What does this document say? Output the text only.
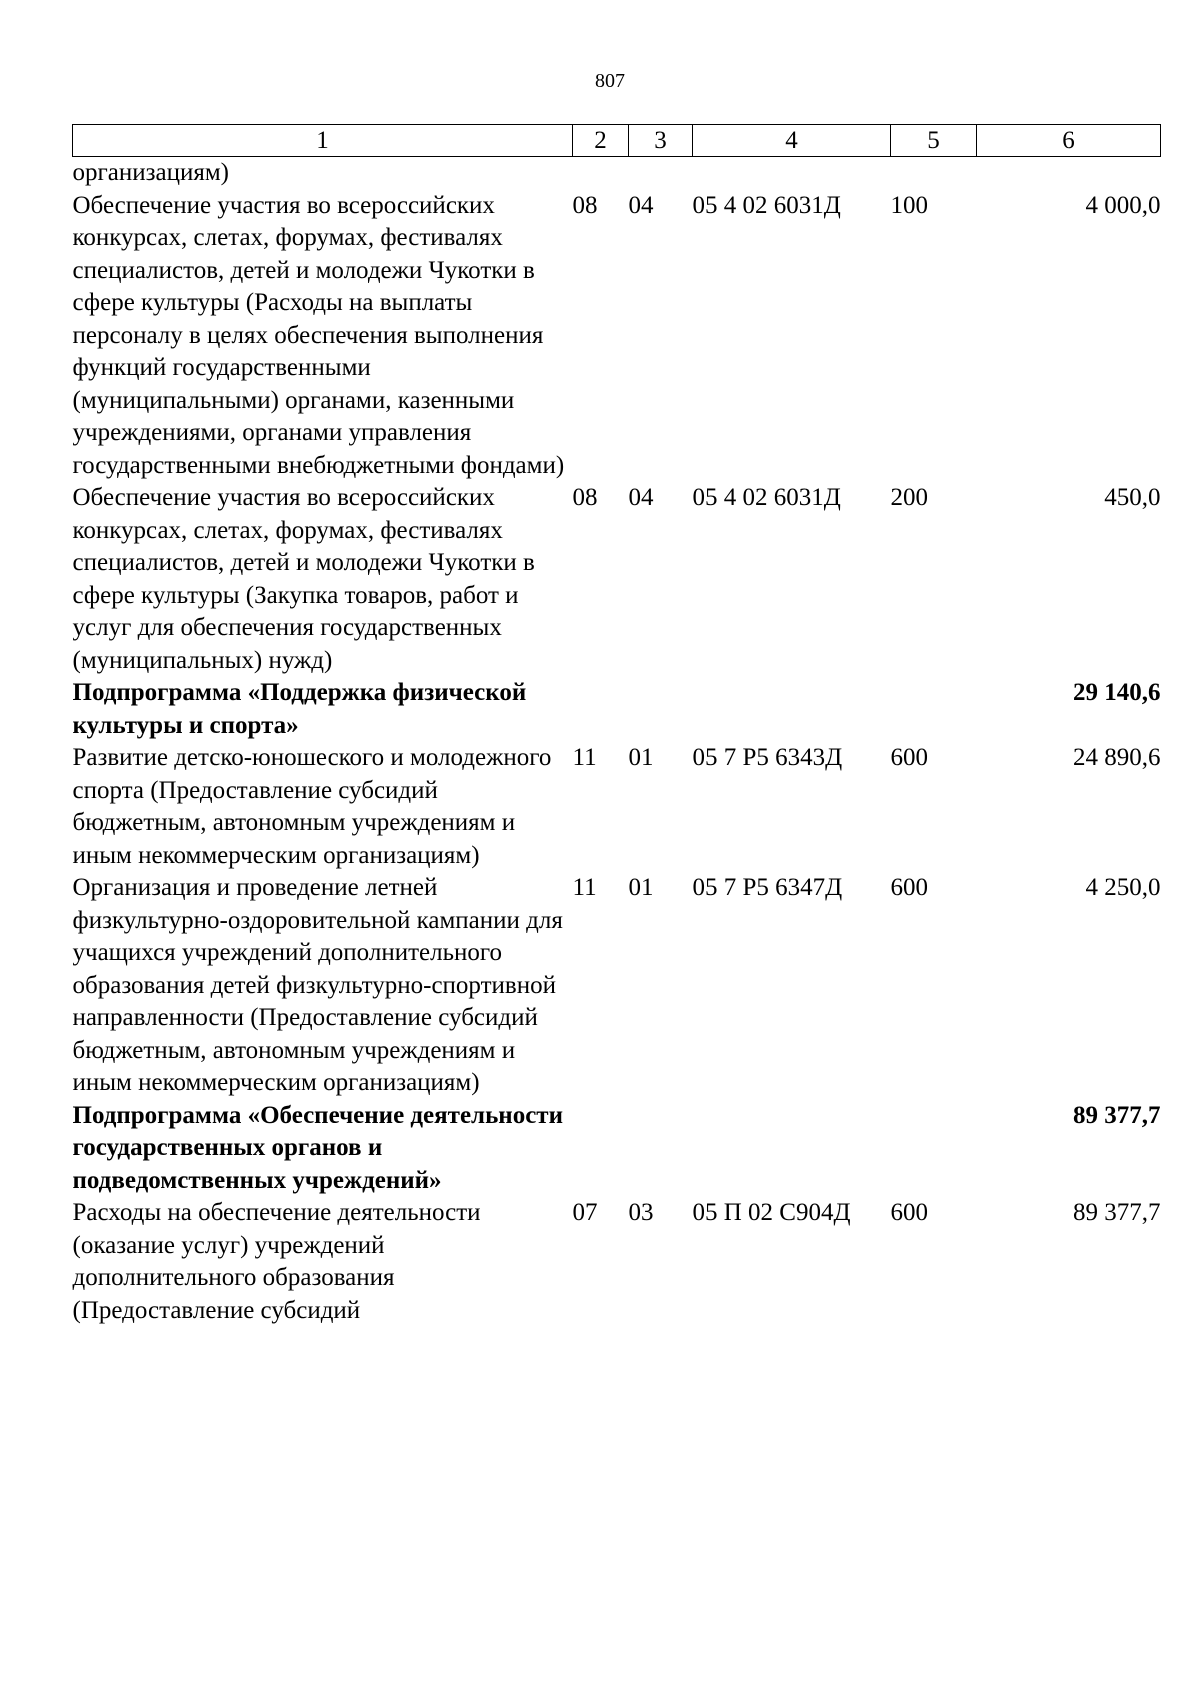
807
1	2	3	4	5	6
организациям)					
Обеспечение участия во всероссийских конкурсах, слетах, форумах, фестивалях специалистов, детей и молодежи Чукотки в сфере культуры (Расходы на выплаты персоналу в целях обеспечения выполнения функций государственными (муниципальными) органами, казенными учреждениями, органами управления государственными внебюджетными фондами)	08	04	05 4 02 6031Д	100	4 000,0
Обеспечение участия во всероссийских конкурсах, слетах, форумах, фестивалях специалистов, детей и молодежи Чукотки в сфере культуры (Закупка товаров, работ и услуг для обеспечения государственных (муниципальных) нужд)	08	04	05 4 02 6031Д	200	450,0
Подпрограмма «Поддержка физической культуры и спорта»					29 140,6
Развитие детско-юношеского и молодежного спорта (Предоставление субсидий бюджетным, автономным учреждениям и иным некоммерческим организациям)	11	01	05 7 Р5 6343Д	600	24 890,6
Организация и проведение летней физкультурно-оздоровительной кампании для учащихся учреждений дополнительного образования детей физкультурно-спортивной направленности (Предоставление субсидий бюджетным, автономным учреждениям и иным некоммерческим организациям)	11	01	05 7 Р5 6347Д	600	4 250,0
Подпрограмма «Обеспечение деятельности государственных органов и подведомственных учреждений»					89 377,7
Расходы на обеспечение деятельности (оказание услуг) учреждений дополнительного образования (Предоставление субсидий	07	03	05 П 02 С904Д	600	89 377,7
